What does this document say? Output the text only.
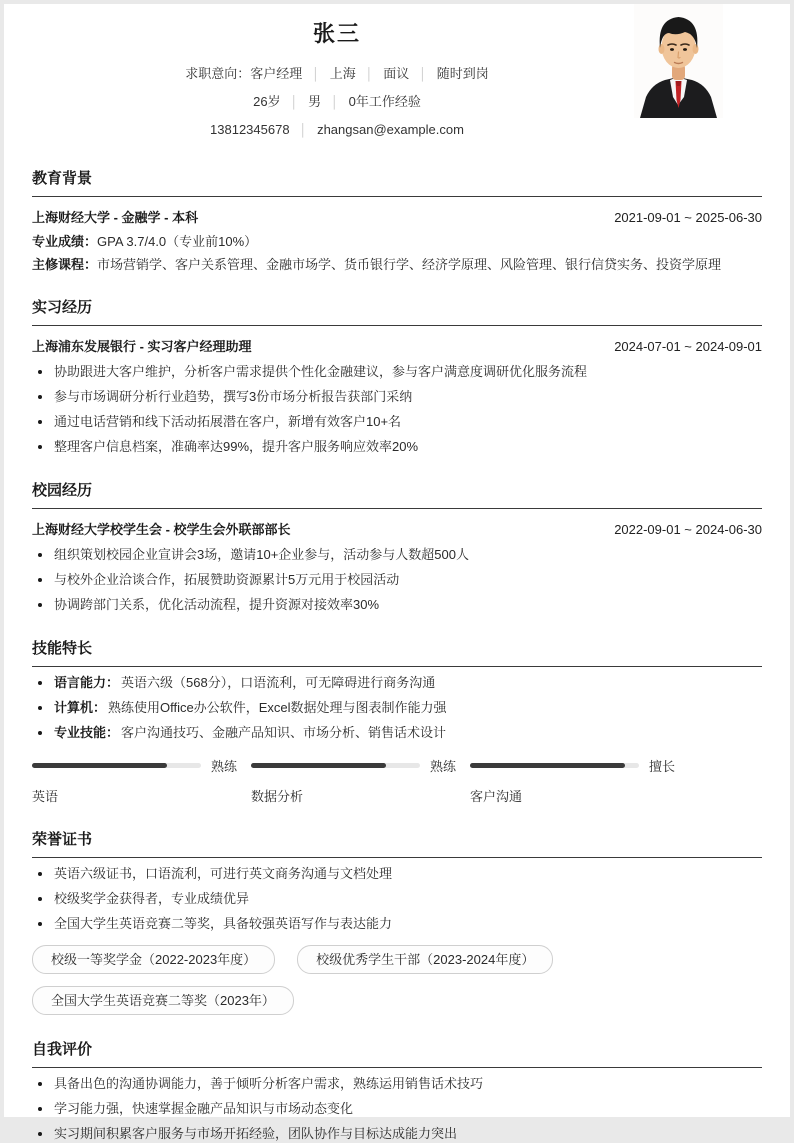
张三
求职意向：客户经理 │ 上海 │ 面议 │ 随时到岗
26岁 │ 男 │ 0年工作经验
13812345678 │ zhangsan@example.com
教育背景
上海财经大学 - 金融学 - 本科	2021-09-01 ~ 2025-06-30
专业成绩：GPA 3.7/4.0（专业前10%）
主修课程：市场营销学、客户关系管理、金融市场学、货币银行学、经济学原理、风险管理、银行信贷实务、投资学原理
实习经历
上海浦东发展银行 - 实习客户经理助理	2024-07-01 ~ 2024-09-01
协助跟进大客户维护，分析客户需求提供个性化金融建议，参与客户满意度调研优化服务流程
参与市场调研分析行业趋势，撰写3份市场分析报告获部门采纳
通过电话营销和线下活动拓展潜在客户，新增有效客户10+名
整理客户信息档案，准确率达99%，提升客户服务响应效率20%
校园经历
上海财经大学校学生会 - 校学生会外联部部长	2022-09-01 ~ 2024-06-30
组织策划校园企业宣讲会3场，邀请10+企业参与，活动参与人数超500人
与校外企业洽谈合作，拓展赞助资源累计5万元用于校园活动
协调跨部门关系，优化活动流程，提升资源对接效率30%
技能特长
语言能力： 英语六级（568分），口语流利，可无障碍进行商务沟通
计算机： 熟练使用Office办公软件，Excel数据处理与图表制作能力强
专业技能： 客户沟通技巧、金融产品知识、市场分析、销售话术设计
熟练
英语
熟练
数据分析
擅长
客户沟通
荣誉证书
英语六级证书，口语流利，可进行英文商务沟通与文档处理
校级奖学金获得者，专业成绩优异
全国大学生英语竞赛二等奖，具备较强英语写作与表达能力
校级一等奖学金（2022-2023年度）	校级优秀学生干部（2023-2024年度）
全国大学生英语竞赛二等奖（2023年）
自我评价
具备出色的沟通协调能力，善于倾听分析客户需求，熟练运用销售话术技巧
学习能力强，快速掌握金融产品知识与市场动态变化
实习期间积累客户服务与市场开拓经验，团队协作与目标达成能力突出
